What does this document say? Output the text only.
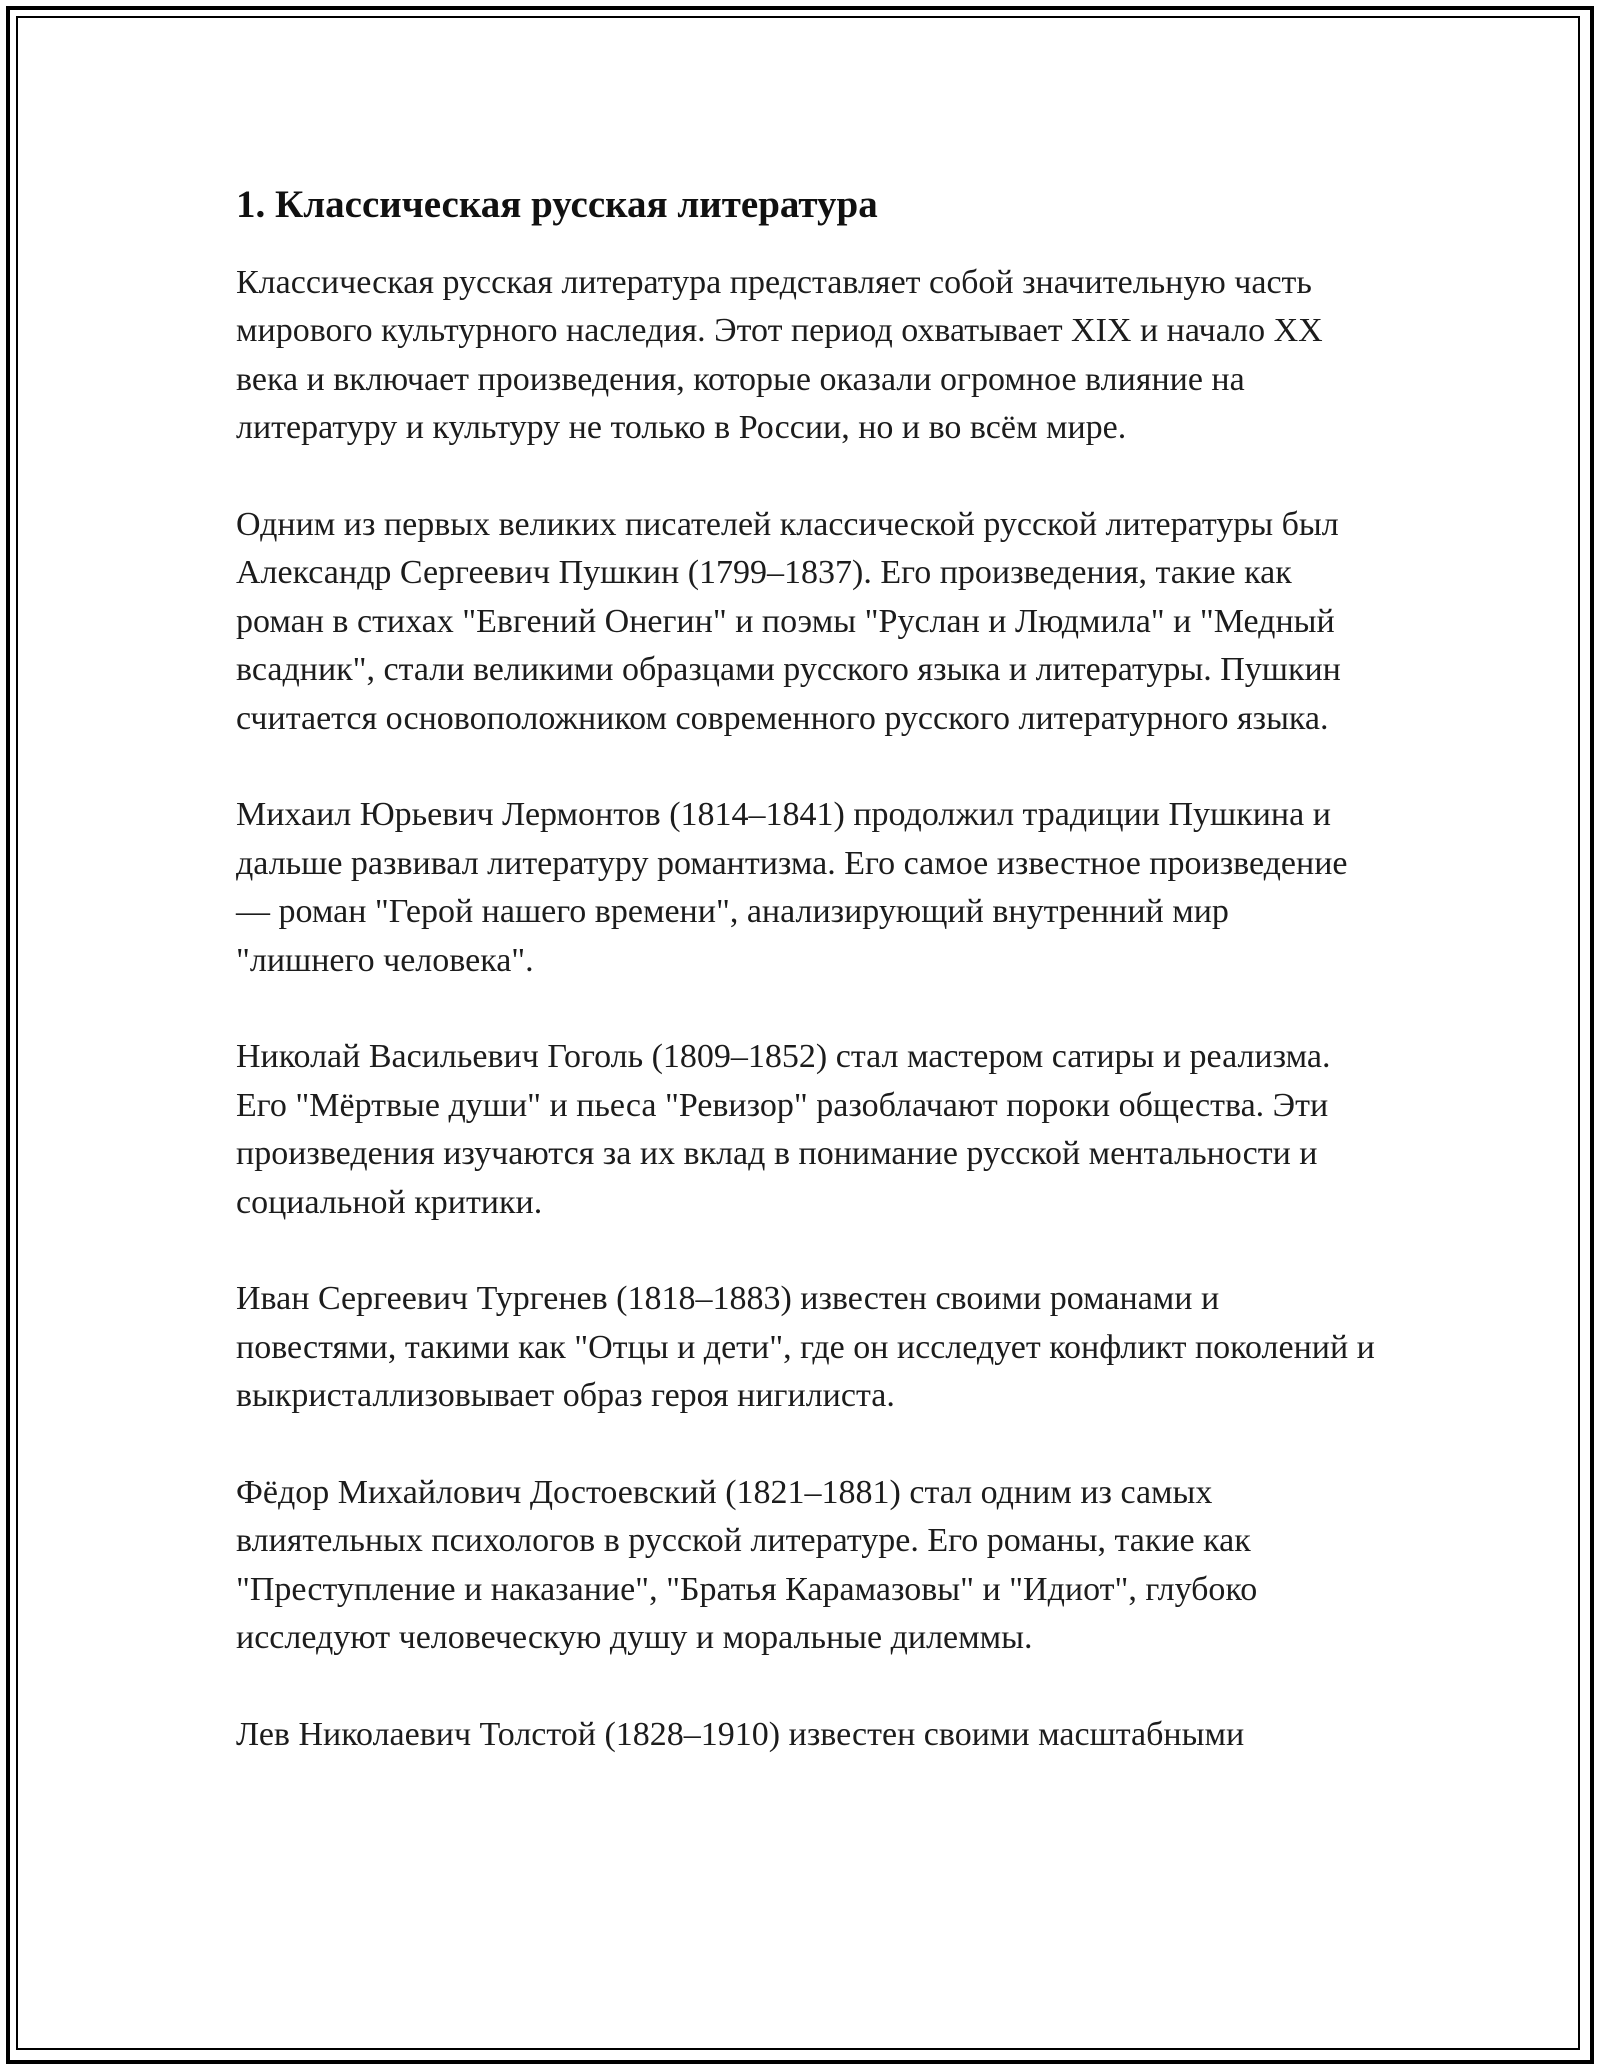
1. Классическая русская литература

Классическая русская литература представляет собой значительную часть мирового культурного наследия. Этот период охватывает XIX и начало XX века и включает произведения, которые оказали огромное влияние на литературу и культуру не только в России, но и во всём мире.

Одним из первых великих писателей классической русской литературы был Александр Сергеевич Пушкин (1799–1837). Его произведения, такие как роман в стихах "Евгений Онегин" и поэмы "Руслан и Людмила" и "Медный всадник", стали великими образцами русского языка и литературы. Пушкин считается основоположником современного русского литературного языка.

Михаил Юрьевич Лермонтов (1814–1841) продолжил традиции Пушкина и дальше развивал литературу романтизма. Его самое известное произведение — роман "Герой нашего времени", анализирующий внутренний мир "лишнего человека".

Николай Васильевич Гоголь (1809–1852) стал мастером сатиры и реализма. Его "Мёртвые души" и пьеса "Ревизор" разоблачают пороки общества. Эти произведения изучаются за их вклад в понимание русской ментальности и социальной критики.

Иван Сергеевич Тургенев (1818–1883) известен своими романами и повестями, такими как "Отцы и дети", где он исследует конфликт поколений и выкристаллизовывает образ героя нигилиста.

Фёдор Михайлович Достоевский (1821–1881) стал одним из самых влиятельных психологов в русской литературе. Его романы, такие как "Преступление и наказание", "Братья Карамазовы" и "Идиот", глубоко исследуют человеческую душу и моральные дилеммы.

Лев Николаевич Толстой (1828–1910) известен своими масштабными
